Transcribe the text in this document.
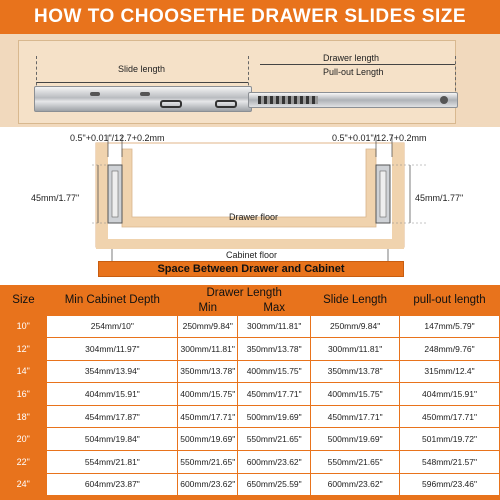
HOW TO CHOOSETHE DRAWER SLIDES SIZE
Slide length
Drawer length
Pull-out Length
0.5"+0.01"/12.7+0.2mm	0.5"+0.01"/12.7+0.2mm
45mm/1.77"	45mm/1.77"
Drawer floor
Cabinet floor
Space Between Drawer and Cabinet
Size	Min Cabinet Depth	Drawer Length		Slide Length	pull-out length
		Min	Max		
10"	254mm/10"	250mm/9.84"	300mm/11.81"	250mm/9.84"	147mm/5.79"
12"	304mm/11.97"	300mm/11.81"	350mm/13.78"	300mm/11.81"	248mm/9.76"
14"	354mm/13.94"	350mm/13.78"	400mm/15.75"	350mm/13.78"	315mm/12.4"
16"	404mm/15.91"	400mm/15.75"	450mm/17.71"	400mm/15.75"	404mm/15.91"
18"	454mm/17.87"	450mm/17.71"	500mm/19.69"	450mm/17.71"	450mm/17.71"
20"	504mm/19.84"	500mm/19.69"	550mm/21.65"	500mm/19.69"	501mm/19.72"
22"	554mm/21.81"	550mm/21.65"	600mm/23.62"	550mm/21.65"	548mm/21.57"
24"	604mm/23.87"	600mm/23.62"	650mm/25.59"	600mm/23.62"	596mm/23.46"
